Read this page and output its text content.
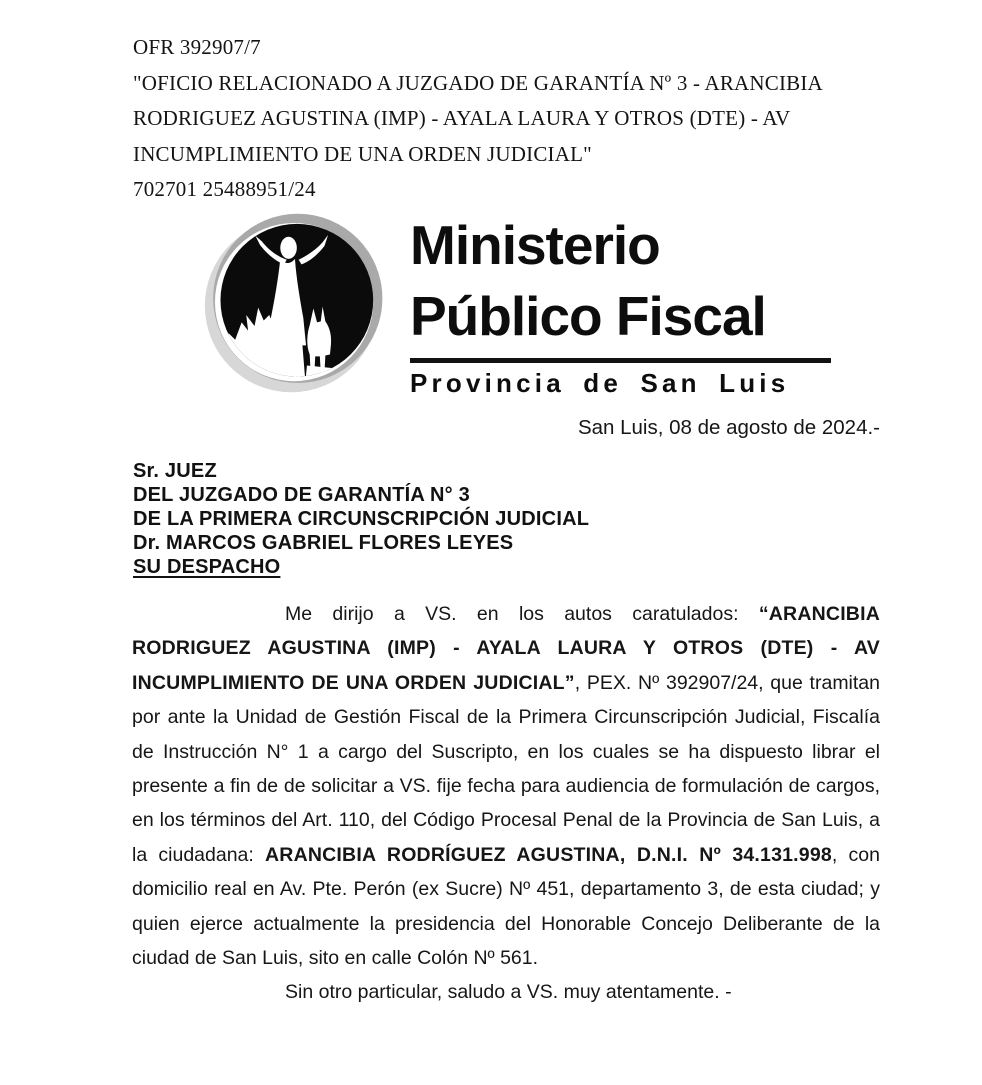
OFR 392907/7
"OFICIO RELACIONADO A JUZGADO DE GARANTÍA Nº 3 - ARANCIBIA
RODRIGUEZ AGUSTINA (IMP) - AYALA LAURA Y OTROS (DTE) - AV
INCUMPLIMIENTO DE UNA ORDEN JUDICIAL"
702701 25488951/24
Ministerio
Público Fiscal
Provincia de San Luis
San Luis, 08 de agosto de 2024.-
Sr. JUEZ
DEL JUZGADO DE GARANTÍA N° 3
DE LA PRIMERA CIRCUNSCRIPCIÓN JUDICIAL
Dr. MARCOS GABRIEL FLORES LEYES
SU DESPACHO

Me dirijo a VS. en los autos caratulados: “ARANCIBIA RODRIGUEZ AGUSTINA (IMP) - AYALA LAURA Y OTROS (DTE) - AV INCUMPLIMIENTO DE UNA ORDEN JUDICIAL”, PEX. Nº 392907/24, que tramitan por ante la Unidad de Gestión Fiscal de la Primera Circunscripción Judicial, Fiscalía de Instrucción N° 1 a cargo del Suscripto, en los cuales se ha dispuesto librar el presente a fin de de solicitar a VS. fije fecha para audiencia de formulación de cargos, en los términos del Art. 110, del Código Procesal Penal de la Provincia de San Luis, a la ciudadana: ARANCIBIA RODRÍGUEZ AGUSTINA, D.N.I. Nº 34.131.998, con domicilio real en Av. Pte. Perón (ex Sucre) Nº 451, departamento 3, de esta ciudad; y quien ejerce actualmente la presidencia del Honorable Concejo Deliberante de la ciudad de San Luis, sito en calle Colón Nº 561.

Sin otro particular, saludo a VS. muy atentamente. -
